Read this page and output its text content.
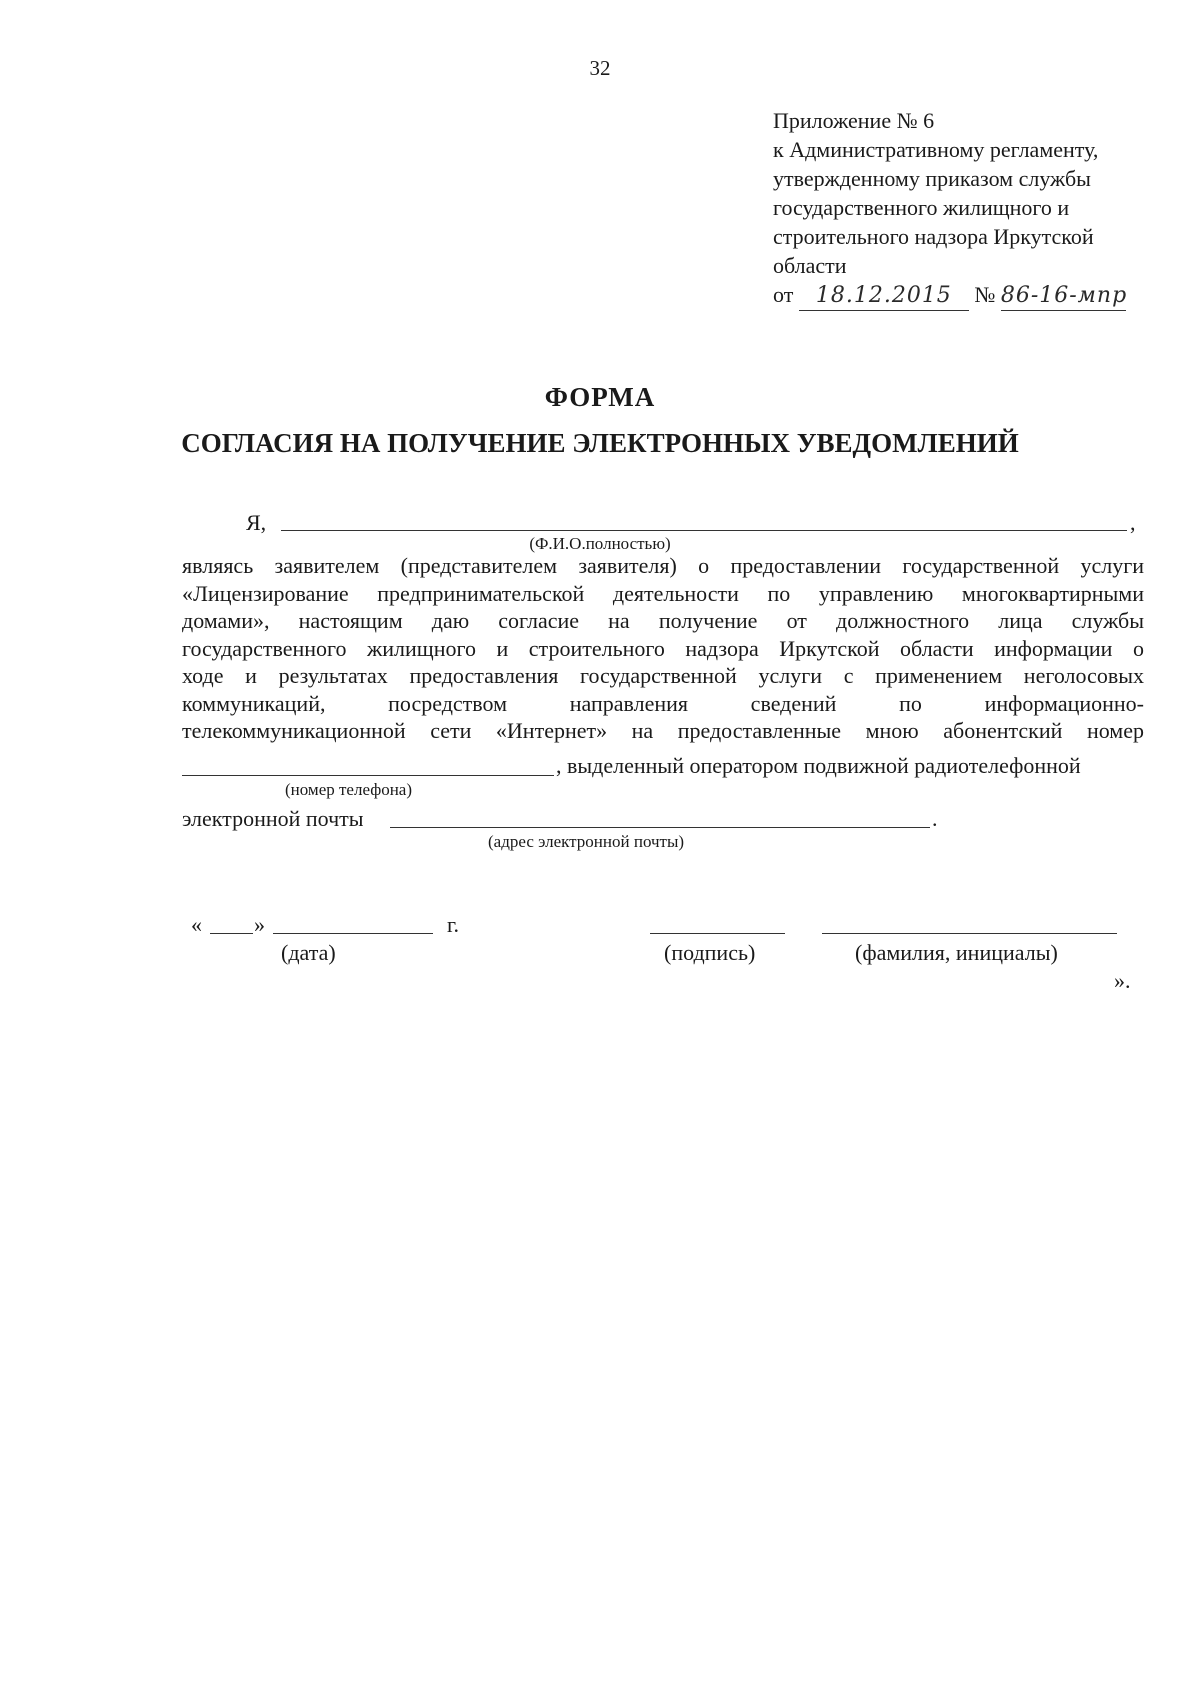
32
Приложение № 6
к Административному регламенту,
утвержденному приказом службы
государственного жилищного и
строительного надзора Иркутской
области
от 18.12.2015 № 86-16-мпр
ФОРМА
СОГЛАСИЯ НА ПОЛУЧЕНИЕ ЭЛЕКТРОННЫХ УВЕДОМЛЕНИЙ
Я,	,
(Ф.И.О.полностью)
являясь заявителем (представителем заявителя) о предоставлении государственной услуги
«Лицензирование предпринимательской деятельности по управлению многоквартирными
домами», настоящим даю согласие на получение от должностного лица службы
государственного жилищного и строительного надзора Иркутской области информации о
ходе и результатах предоставления государственной услуги с применением неголосовых
коммуникаций, посредством направления сведений по информационно-
телекоммуникационной сети «Интернет» на предоставленные мною абонентский номер
, выделенный оператором подвижной радиотелефонной
(номер телефона)
электронной почты	.
(адрес электронной почты)
« »	г.
(дата)	(подпись)	(фамилия, инициалы)
».
